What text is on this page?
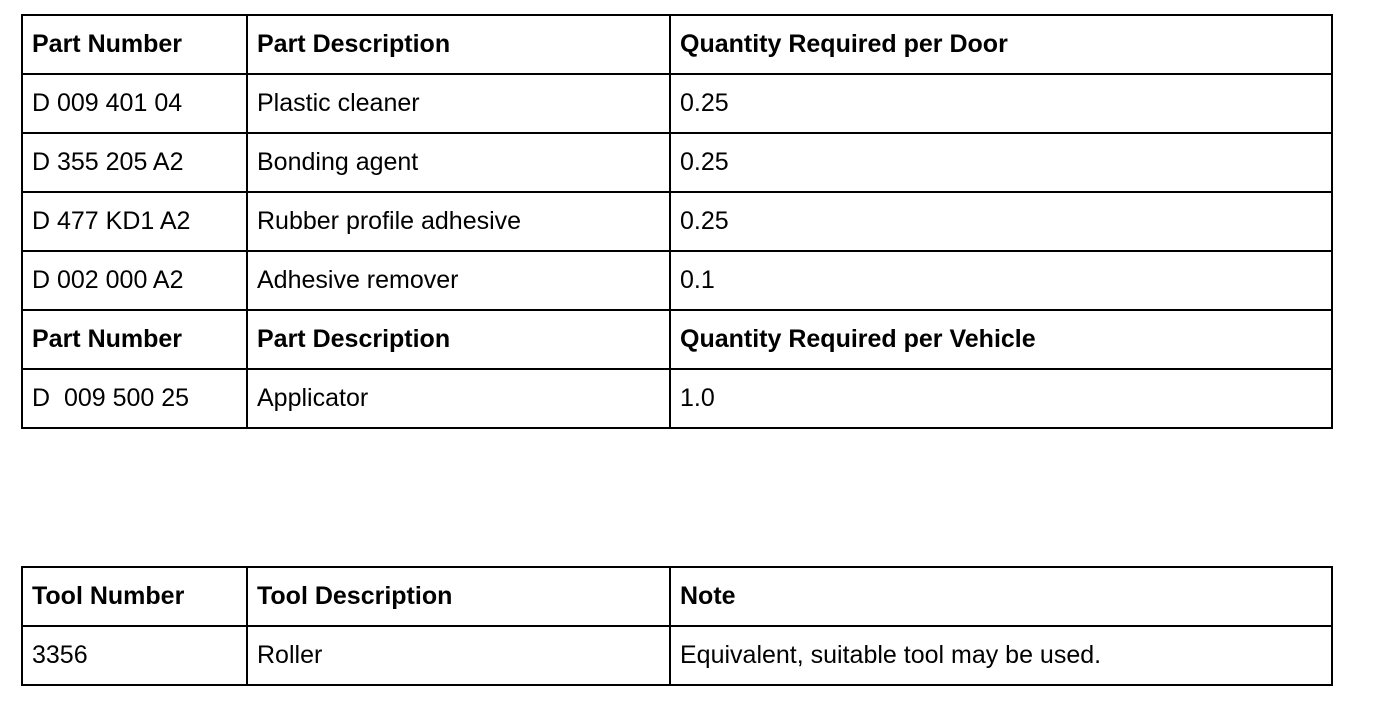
Part Number	Part Description	Quantity Required per Door
D 009 401 04	Plastic cleaner	0.25
D 355 205 A2	Bonding agent	0.25
D 477 KD1 A2	Rubber profile adhesive	0.25
D 002 000 A2	Adhesive remover	0.1
Part Number	Part Description	Quantity Required per Vehicle
D  009 500 25	Applicator	1.0
Tool Number	Tool Description	Note
3356	Roller	Equivalent, suitable tool may be used.
